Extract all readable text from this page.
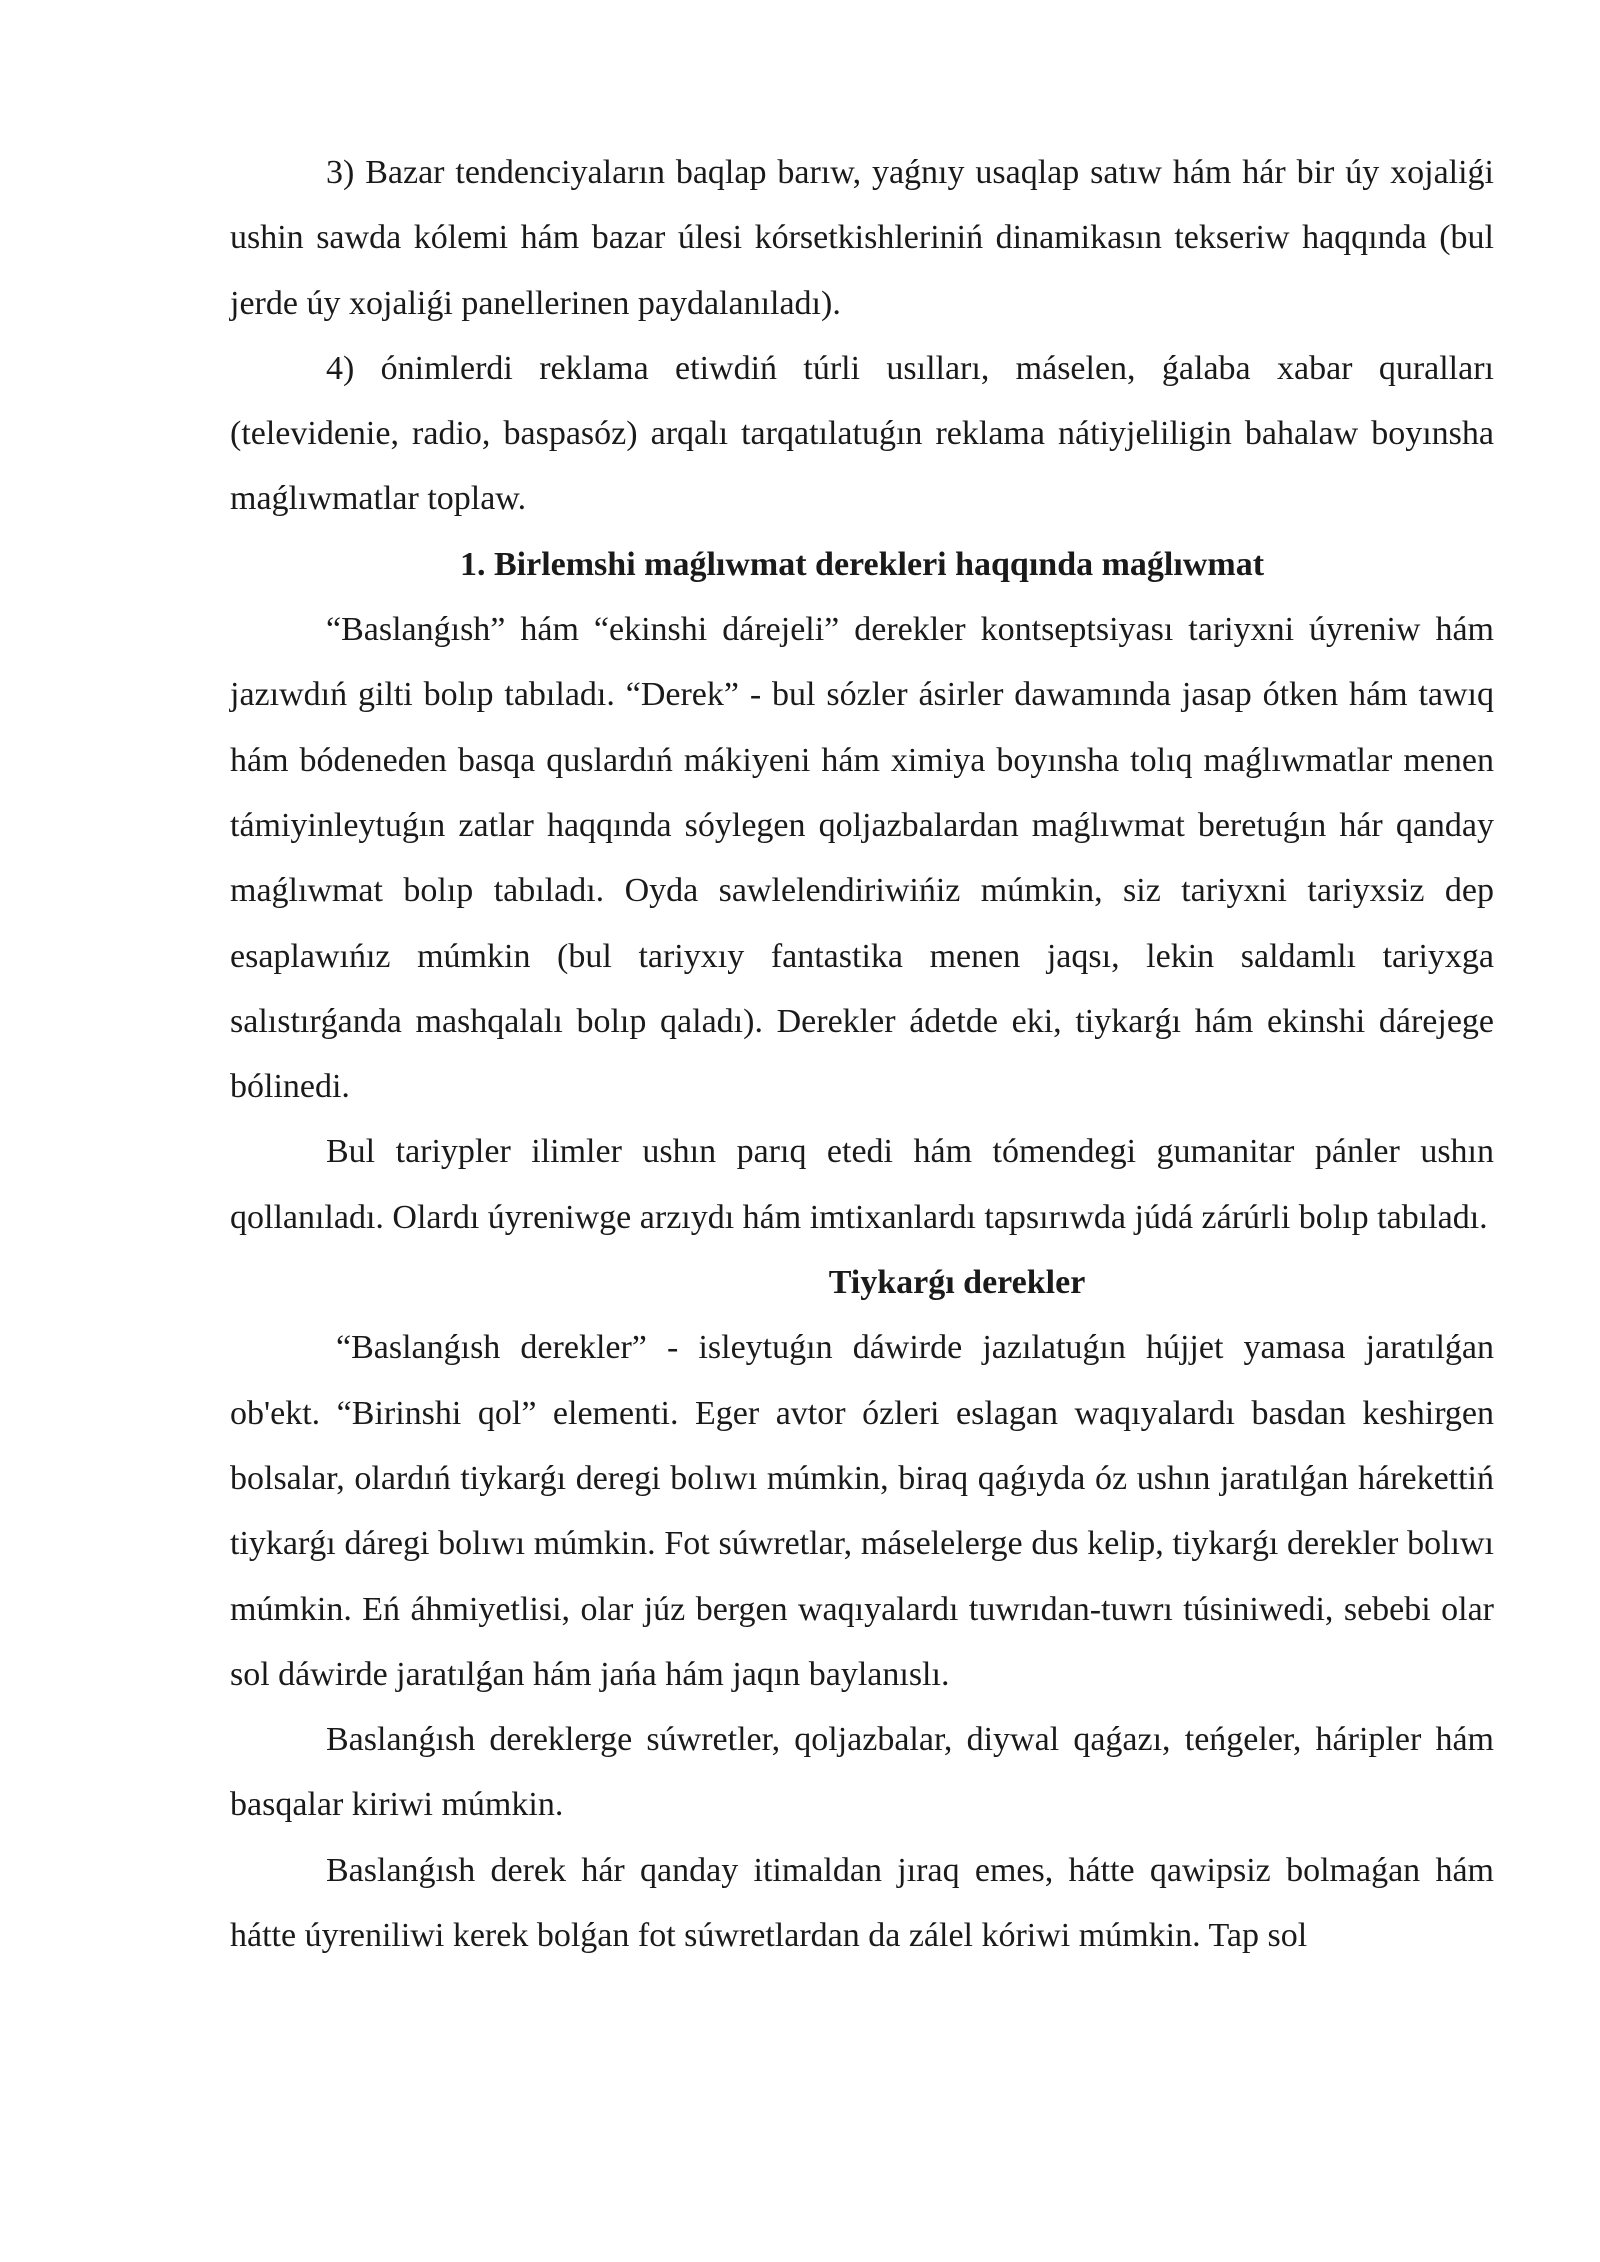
3) Bazar tendenciyaların baqlap barıw, yaǵnıy usaqlap satıw hám hár bir úy xojaliǵi ushin sawda kólemi hám bazar úlesi kórsetkishleriniń dinamikasın tekseriw haqqında (bul jerde úy xojaliǵi panellerinen paydalanıladı).

4) ónimlerdi reklama etiwdiń túrli usılları, máselen, ǵalaba xabar quralları (televidenie, radio, baspasóz) arqalı tarqatılatuǵın reklama nátiyjeliligin bahalaw boyınsha maǵlıwmatlar toplaw.

1. Birlemshi maǵlıwmat derekleri haqqında maǵlıwmat

“Baslanǵısh” hám “ekinshi dárejeli” derekler kontseptsiyası tariyxni úyreniw hám jazıwdıń gilti bolıp tabıladı. “Derek” - bul sózler ásirler dawamında jasap ótken hám tawıq hám bódeneden basqa quslardıń mákiyeni hám ximiya boyınsha tolıq maǵlıwmatlar menen támiyinleytuǵın zatlar haqqında sóylegen qoljazbalardan maǵlıwmat beretuǵın hár qanday maǵlıwmat bolıp tabıladı. Oyda sawlelendiriwińiz múmkin, siz tariyxni tariyxsiz dep esaplawıńız múmkin (bul tariyxıy fantastika menen jaqsı, lekin saldamlı tariyxga salıstırǵanda mashqalalı bolıp qaladı). Derekler ádetde eki, tiykarǵı hám ekinshi dárejege bólinedi.

Bul tariypler ilimler ushın parıq etedi hám tómendegi gumanitar pánler ushın qollanıladı. Olardı úyreniwge arzıydı hám imtixanlardı tapsırıwda júdá zárúrli bolıp tabıladı.

Tiykarǵı derekler

“Baslanǵısh derekler” - isleytuǵın dáwirde jazılatuǵın hújjet yamasa jaratılǵan ob'ekt. “Birinshi qol” elementi. Eger avtor ózleri eslagan waqıyalardı basdan keshirgen bolsalar, olardıń tiykarǵı deregi bolıwı múmkin, biraq qaǵıyda óz ushın jaratılǵan hárekettiń tiykarǵı dáregi bolıwı múmkin. Fot súwretlar, máselelerge dus kelip, tiykarǵı derekler bolıwı múmkin. Eń áhmiyetlisi, olar júz bergen waqıyalardı tuwrıdan-tuwrı túsiniwedi, sebebi olar sol dáwirde jaratılǵan hám jańa hám jaqın baylanıslı.

Baslanǵısh dereklerge súwretler, qoljazbalar, diywal qaǵazı, teńgeler, háripler hám basqalar kiriwi múmkin.

Baslanǵısh derek hár qanday itimaldan jıraq emes, hátte qawipsiz bolmaǵan hám hátte úyreniliwi kerek bolǵan fot súwretlardan da zálel kóriwi múmkin. Tap sol
